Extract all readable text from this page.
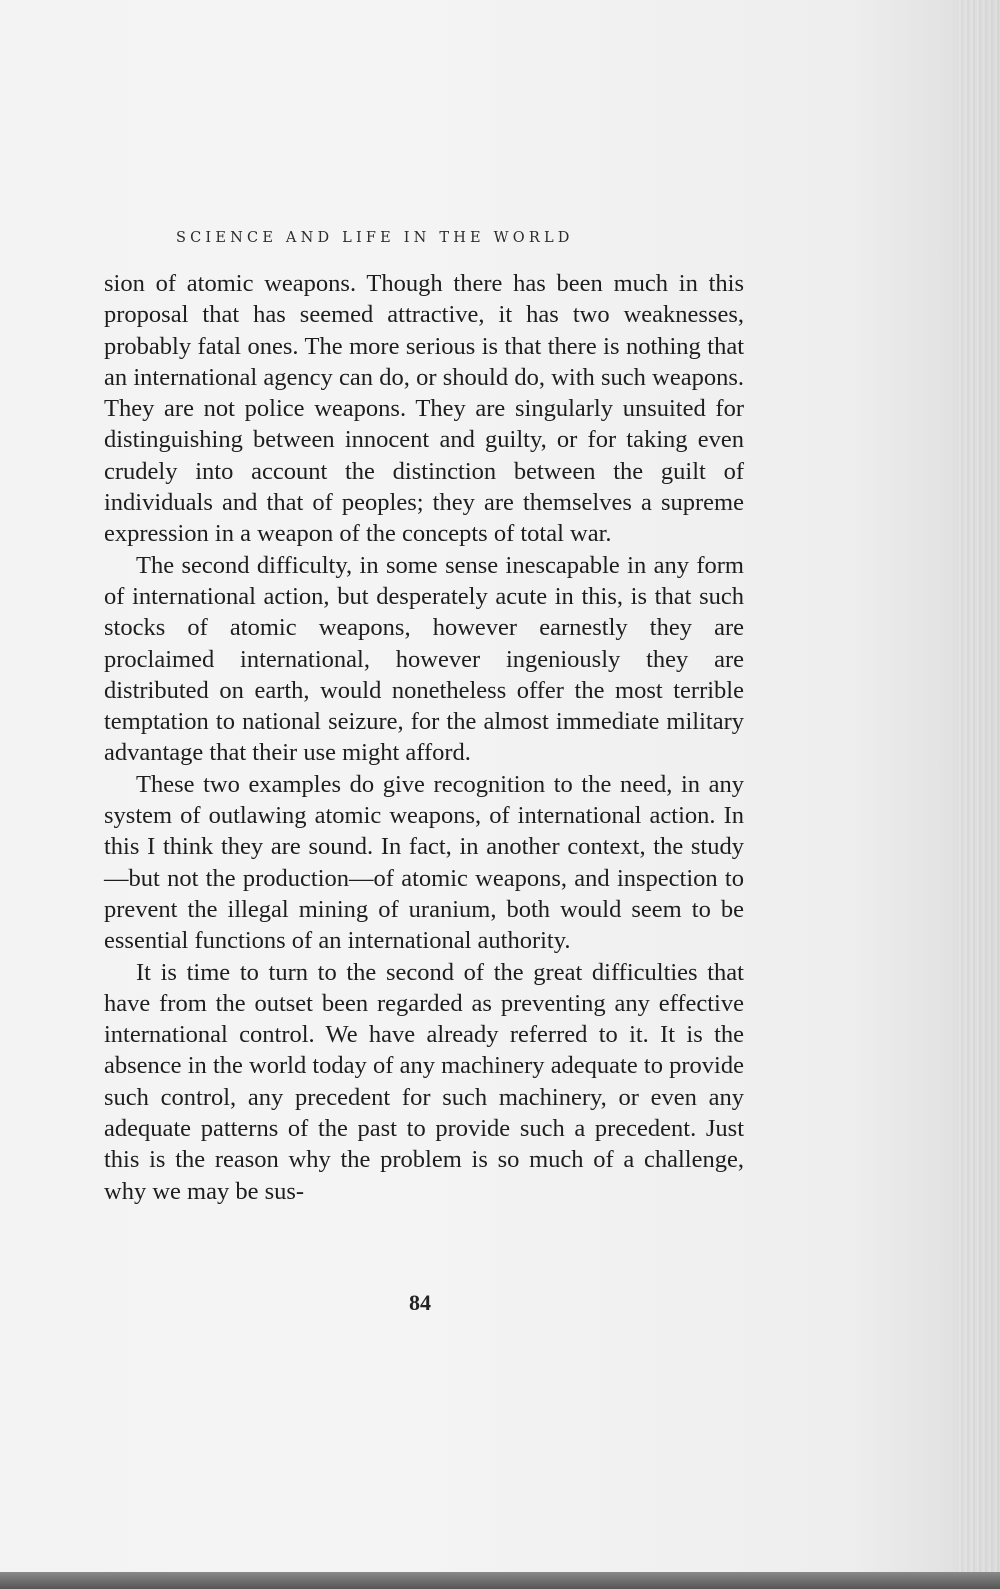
SCIENCE AND LIFE IN THE WORLD

sion of atomic weapons. Though there has been much in this proposal that has seemed attractive, it has two weaknesses, probably fatal ones. The more serious is that there is nothing that an international agency can do, or should do, with such weapons. They are not police weapons. They are singularly unsuited for distinguishing between innocent and guilty, or for taking even crudely into account the distinction between the guilt of individuals and that of peoples; they are themselves a supreme expression in a weapon of the concepts of total war.

The second difficulty, in some sense inescapable in any form of international action, but desperately acute in this, is that such stocks of atomic weapons, however earnestly they are proclaimed international, however ingeniously they are distributed on earth, would nonetheless offer the most terrible temptation to national seizure, for the almost immediate military advantage that their use might afford.

These two examples do give recognition to the need, in any system of outlawing atomic weapons, of international action. In this I think they are sound. In fact, in another context, the study—but not the production—of atomic weapons, and inspection to prevent the illegal mining of uranium, both would seem to be essential functions of an international authority.

It is time to turn to the second of the great difficulties that have from the outset been regarded as preventing any effective international control. We have already referred to it. It is the absence in the world today of any machinery adequate to provide such control, any precedent for such machinery, or even any adequate patterns of the past to provide such a precedent. Just this is the reason why the problem is so much of a challenge, why we may be sus-

84
